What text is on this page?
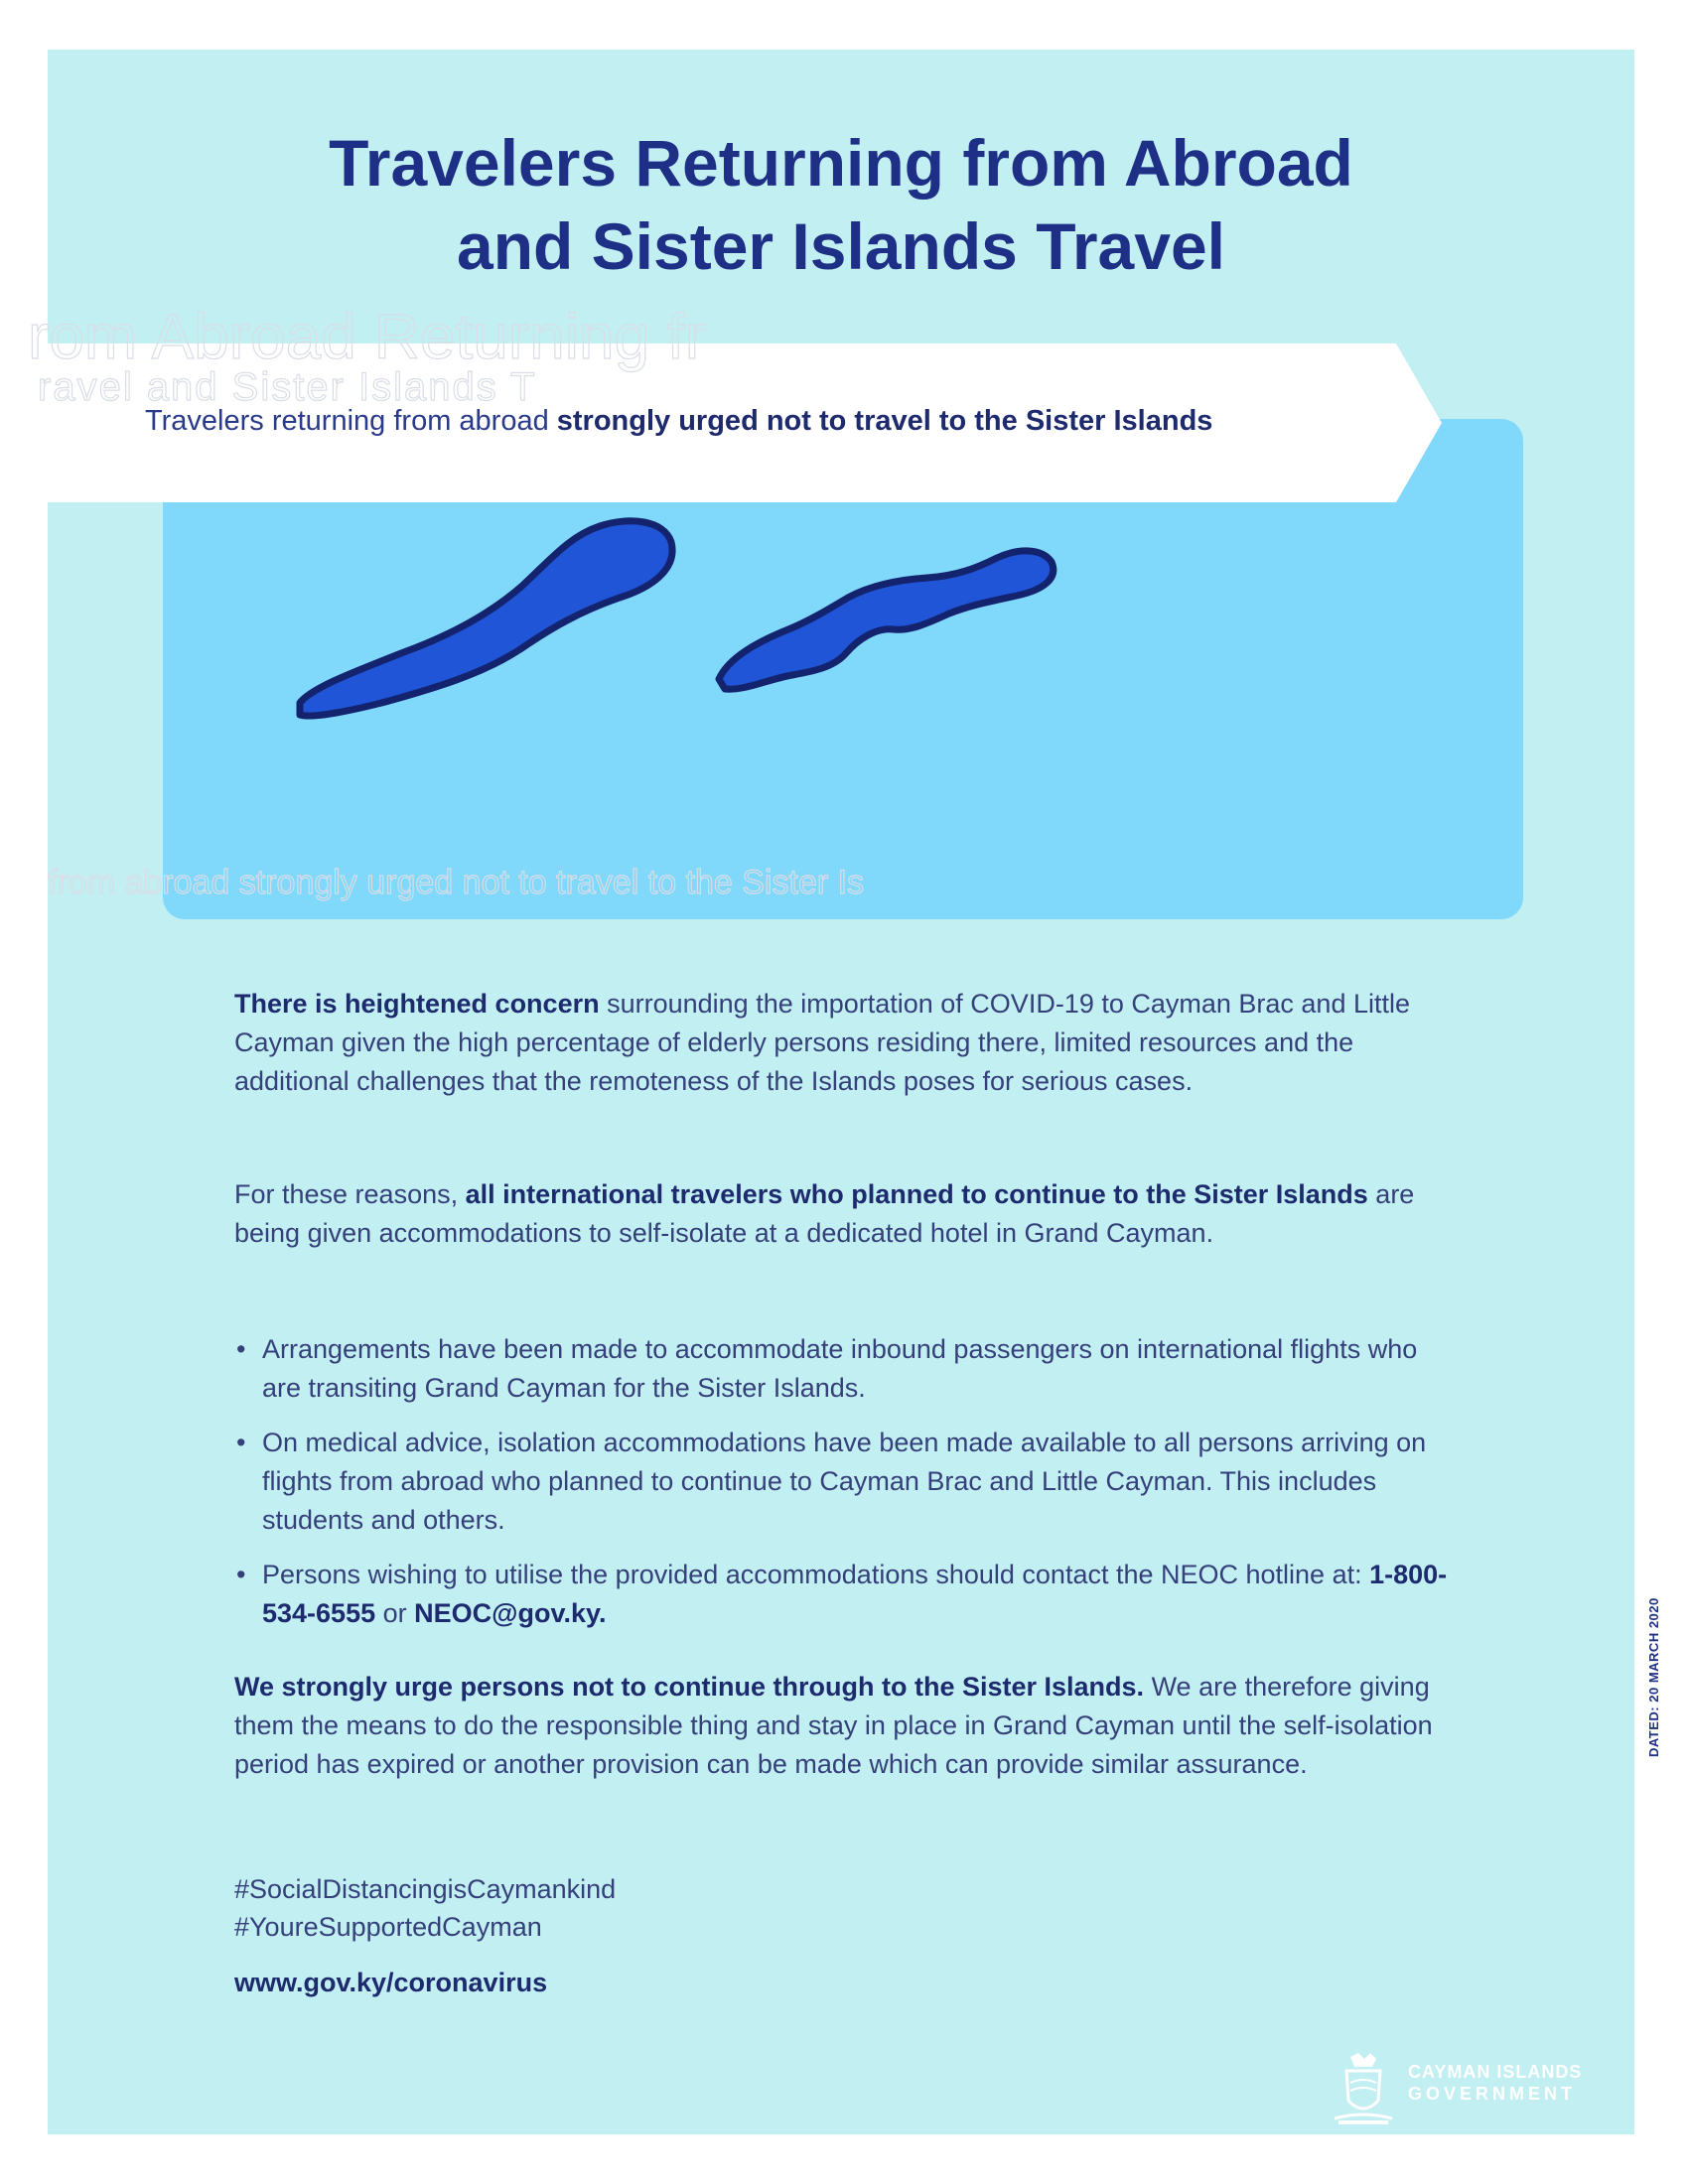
Travelers Returning from Abroad
and Sister Islands Travel

Travelers returning from abroad strongly urged not to travel to the Sister Islands

rom Abroad Returning fr
from

There is heightened concern surrounding the importation of COVID-19 to Cayman Brac and Little Cayman given the high percentage of elderly persons residing there, limited resources and the additional challenges that the remoteness of the Islands poses for serious cases.

For these reasons, all international travelers who planned to continue to the Sister Islands are being given accommodations to self-isolate at a dedicated hotel in Grand Cayman.

• Arrangements have been made to accommodate inbound passengers on international flights who are transiting Grand Cayman for the Sister Islands.
• On medical advice, isolation accommodations have been made available to all persons arriving on flights from abroad who planned to continue to Cayman Brac and Little Cayman. This includes students and others.
• Persons wishing to utilise the provided accommodations should contact the NEOC hotline at: 1-800-534-6555 or NEOC@gov.ky.

We strongly urge persons not to continue through to the Sister Islands. We are therefore giving them the means to do the responsible thing and stay in place in Grand Cayman until the self-isolation period has expired or another provision can be made which can provide similar assurance.

#SocialDistancingisCaymankind
#YoureSupportedCayman
www.gov.ky/coronavirus
DATED: 20 MARCH 2020
gis@gov.ky | © Crown Copyright 2020
CAYMAN ISLANDS
GOVERNMENT
